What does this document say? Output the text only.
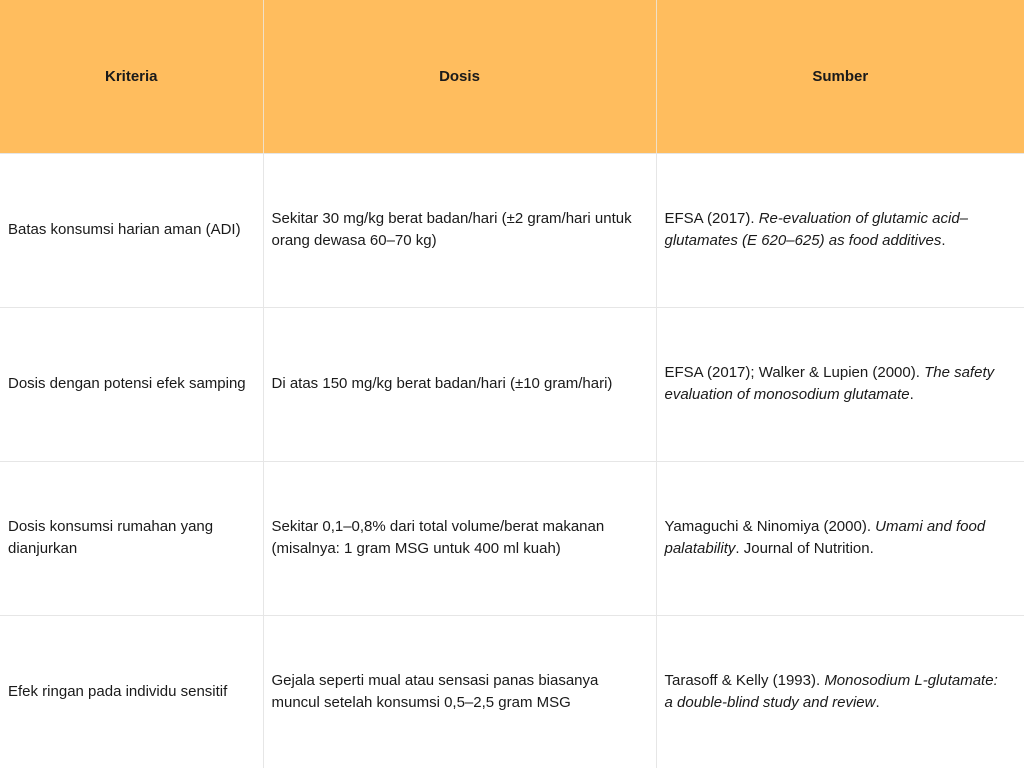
Kriteria	Dosis	Sumber
Batas konsumsi harian aman (ADI)	Sekitar 30 mg/kg berat badan/hari (±2 gram/hari untuk orang dewasa 60–70 kg)	EFSA (2017). Re-evaluation of glutamic acid–glutamates (E 620–625) as food additives.
Dosis dengan potensi efek samping	Di atas 150 mg/kg berat badan/hari (±10 gram/hari)	EFSA (2017); Walker & Lupien (2000). The safety evaluation of monosodium glutamate.
Dosis konsumsi rumahan yang dianjurkan	Sekitar 0,1–0,8% dari total volume/berat makanan (misalnya: 1 gram MSG untuk 400 ml kuah)	Yamaguchi & Ninomiya (2000). Umami and food palatability. Journal of Nutrition.
Efek ringan pada individu sensitif	Gejala seperti mual atau sensasi panas biasanya muncul setelah konsumsi 0,5–2,5 gram MSG	Tarasoff & Kelly (1993). Monosodium L-glutamate: a double-blind study and review.
